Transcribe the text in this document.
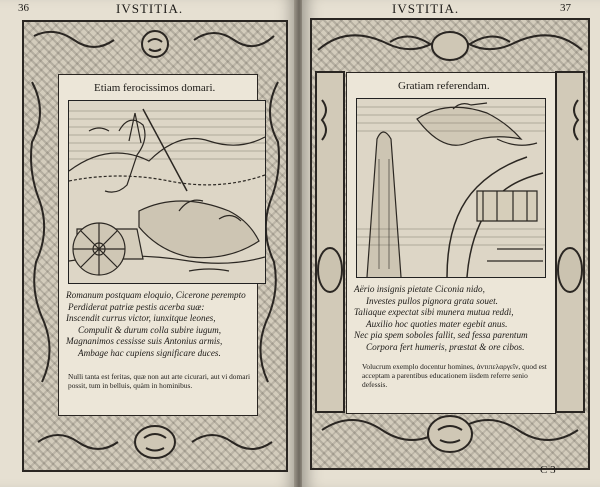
36	IVSTITIA.
Etiam ferocissimos domari.
Romanum postquam eloquio, Cicerone perempto
Perdiderat patriæ pestis acerba suæ:
Inscendit currus victor, iunxitque leones,
Compulit & durum colla subire iugum,
Magnanimos cessisse suis Antonius armis,
Ambage hac cupiens significare duces.
Nulli tanta est feritas, quæ non aut arte cicurari, aut vi domari possit, tum in belluis, quàm in hominibus.
IVSTITIA.	37
Gratiam referendam.
Aërio insignis pietate Ciconia nido,
Investes pullos pignora grata souet.
Taliaque expectat sibi munera mutua reddi,
Auxilio hoc quoties mater egebit anus.
Nec pia spem soboles fallit, sed fessa parentum
Corpora fert humeris, præstat & ore cibos.
Volucrum exemplo docentur homines, ἀντιπελαργεῖν, quod est acceptam a parentibus educationem iisdem referre senio defessis.
C 3
